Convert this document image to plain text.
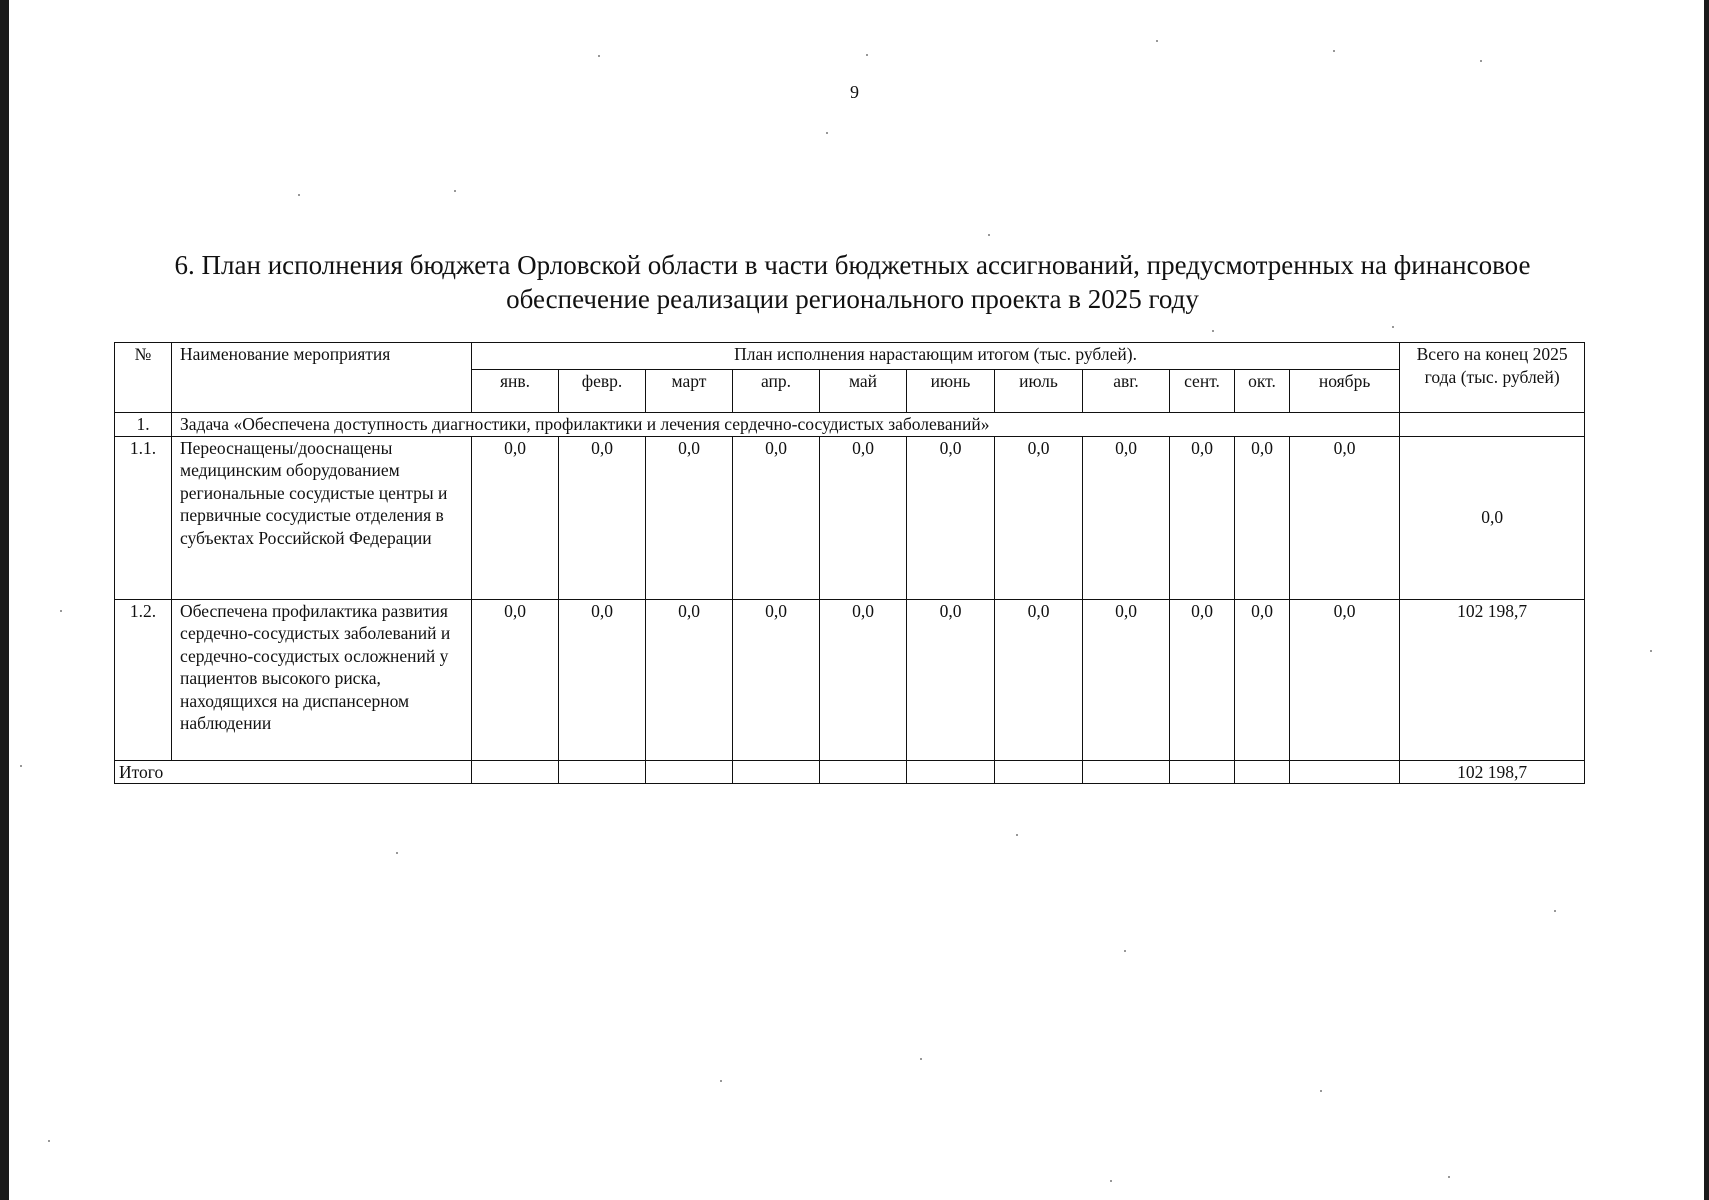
9
6. План исполнения бюджета Орловской области в части бюджетных ассигнований, предусмотренных на финансовое
обеспечение реализации регионального проекта в 2025 году
№	Наименование мероприятия	План исполнения нарастающим итогом (тыс. рублей).											Всего на конец 2025 года (тыс. рублей)
		янв.	февр.	март	апр.	май	июнь	июль	авг.	сент.	окт.	ноябрь	
1.	Задача «Обеспечена доступность диагностики, профилактики и лечения сердечно-сосудистых заболеваний»												
1.1.	Переоснащены/дооснащены медицинским оборудованием региональные сосудистые центры и первичные сосудистые отделения в субъектах Российской Федерации	0,0	0,0	0,0	0,0	0,0	0,0	0,0	0,0	0,0	0,0	0,0	0,0
1.2.	Обеспечена профилактика развития сердечно-сосудистых заболеваний и сердечно-сосудистых осложнений у пациентов высокого риска, находящихся на диспансерном наблюдении	0,0	0,0	0,0	0,0	0,0	0,0	0,0	0,0	0,0	0,0	0,0	102 198,7
Итого													102 198,7
